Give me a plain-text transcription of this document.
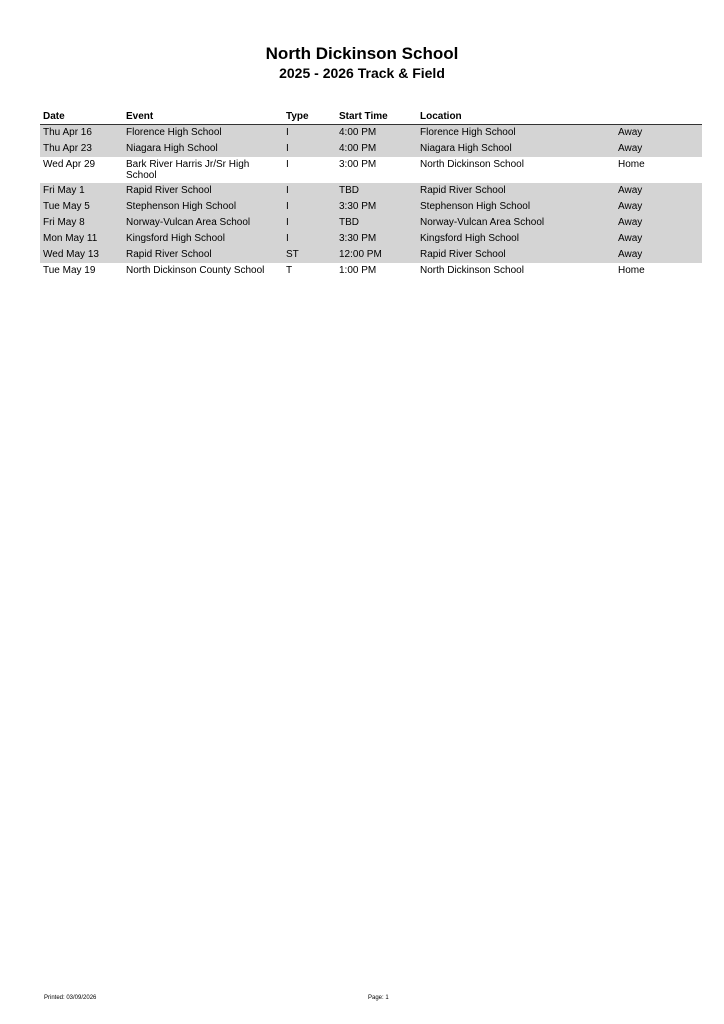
North Dickinson School

2025 - 2026 Track & Field

Date	Event	Type	Start Time	Location	
Thu Apr 16	Florence High School	I	4:00 PM	Florence High School	Away
Thu Apr 23	Niagara High School	I	4:00 PM	Niagara High School	Away
Wed Apr 29	Bark River Harris Jr/Sr High School	I	3:00 PM	North Dickinson School	Home
Fri May 1	Rapid River School	I	TBD	Rapid River School	Away
Tue May 5	Stephenson High School	I	3:30 PM	Stephenson High School	Away
Fri May 8	Norway-Vulcan Area School	I	TBD	Norway-Vulcan Area School	Away
Mon May 11	Kingsford High School	I	3:30 PM	Kingsford High School	Away
Wed May 13	Rapid River School	ST	12:00 PM	Rapid River School	Away
Tue May 19	North Dickinson County School	T	1:00 PM	North Dickinson School	Home
Printed: 03/09/2026	Page: 1
